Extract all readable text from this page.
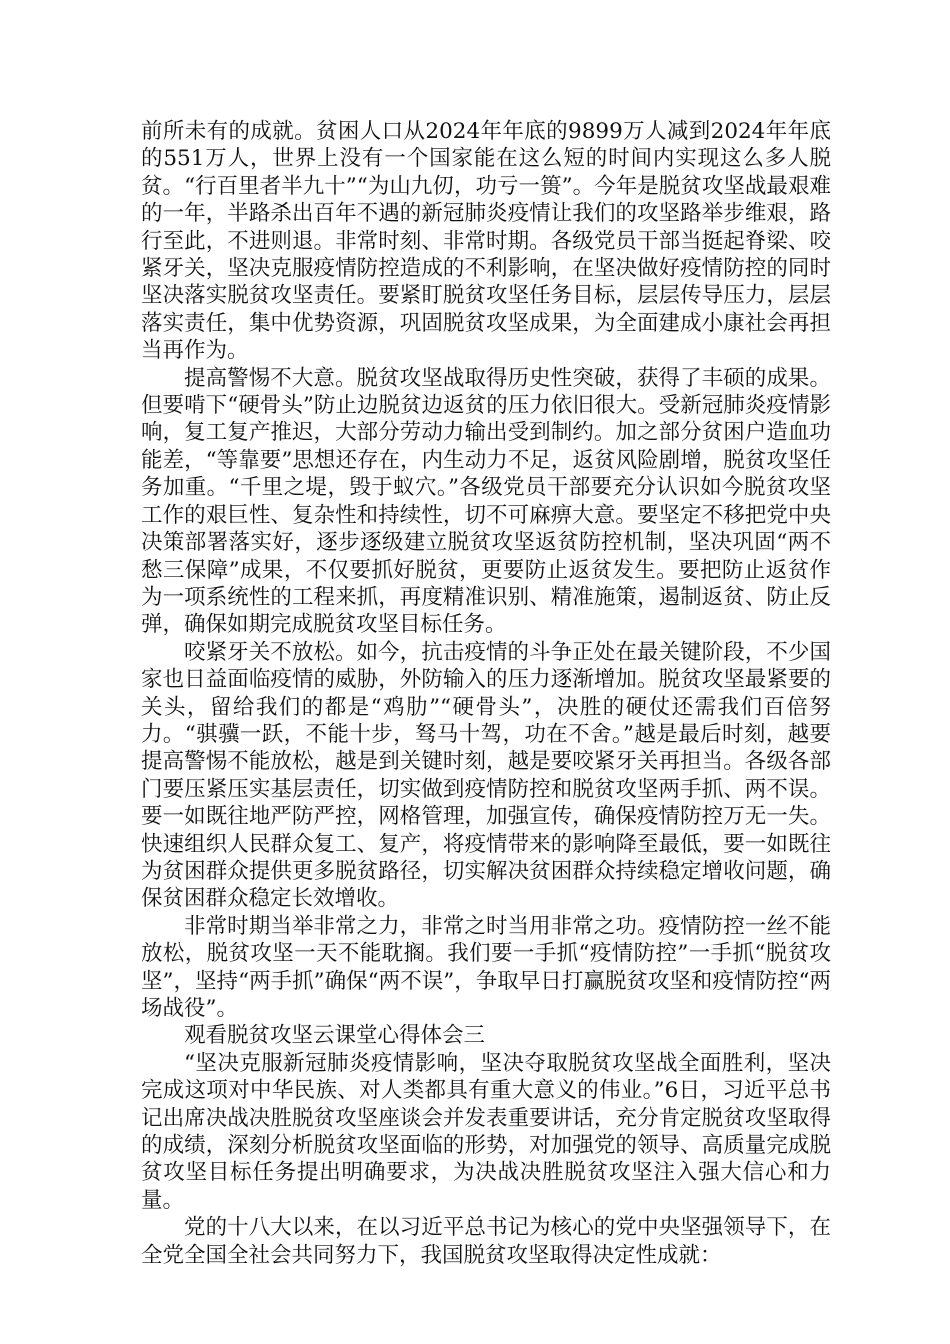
前所未有的成就。贫困人口从2024年年底的9899万人减到2024年年底的551万人，世界上没有一个国家能在这么短的时间内实现这么多人脱贫。“行百里者半九十”“为山九仞，功亏一篑”。今年是脱贫攻坚战最艰难的一年，半路杀出百年不遇的新冠肺炎疫情让我们的攻坚路举步维艰，路行至此，不进则退。非常时刻、非常时期。各级党员干部当挺起脊梁、咬紧牙关，坚决克服疫情防控造成的不利影响，在坚决做好疫情防控的同时坚决落实脱贫攻坚责任。要紧盯脱贫攻坚任务目标，层层传导压力，层层落实责任，集中优势资源，巩固脱贫攻坚成果，为全面建成小康社会再担当再作为。

提高警惕不大意。脱贫攻坚战取得历史性突破，获得了丰硕的成果。但要啃下“硬骨头”防止边脱贫边返贫的压力依旧很大。受新冠肺炎疫情影响，复工复产推迟，大部分劳动力输出受到制约。加之部分贫困户造血功能差，“等靠要”思想还存在，内生动力不足，返贫风险剧增，脱贫攻坚任务加重。“千里之堤，毁于蚁穴。”各级党员干部要充分认识如今脱贫攻坚工作的艰巨性、复杂性和持续性，切不可麻痹大意。要坚定不移把党中央决策部署落实好，逐步逐级建立脱贫攻坚返贫防控机制，坚决巩固“两不愁三保障”成果，不仅要抓好脱贫，更要防止返贫发生。要把防止返贫作为一项系统性的工程来抓，再度精准识别、精准施策，遏制返贫、防止反弹，确保如期完成脱贫攻坚目标任务。

咬紧牙关不放松。如今，抗击疫情的斗争正处在最关键阶段，不少国家也日益面临疫情的威胁，外防输入的压力逐渐增加。脱贫攻坚最紧要的关头，留给我们的都是“鸡肋”“硬骨头”，决胜的硬仗还需我们百倍努力。“骐骥一跃，不能十步，驽马十驾，功在不舍。”越是最后时刻，越要提高警惕不能放松，越是到关键时刻，越是要咬紧牙关再担当。各级各部门要压紧压实基层责任，切实做到疫情防控和脱贫攻坚两手抓、两不误。要一如既往地严防严控，网格管理，加强宣传，确保疫情防控万无一失。快速组织人民群众复工、复产，将疫情带来的影响降至最低，要一如既往为贫困群众提供更多脱贫路径，切实解决贫困群众持续稳定增收问题，确保贫困群众稳定长效增收。

非常时期当举非常之力，非常之时当用非常之功。疫情防控一丝不能放松，脱贫攻坚一天不能耽搁。我们要一手抓“疫情防控”一手抓“脱贫攻坚”，坚持“两手抓”确保“两不误”，争取早日打赢脱贫攻坚和疫情防控“两场战役”。

观看脱贫攻坚云课堂心得体会三

“坚决克服新冠肺炎疫情影响，坚决夺取脱贫攻坚战全面胜利，坚决完成这项对中华民族、对人类都具有重大意义的伟业。”6日，习近平总书记出席决战决胜脱贫攻坚座谈会并发表重要讲话，充分肯定脱贫攻坚取得的成绩，深刻分析脱贫攻坚面临的形势，对加强党的领导、高质量完成脱贫攻坚目标任务提出明确要求，为决战决胜脱贫攻坚注入强大信心和力量。

党的十八大以来，在以习近平总书记为核心的党中央坚强领导下，在全党全国全社会共同努力下，我国脱贫攻坚取得决定性成就：
